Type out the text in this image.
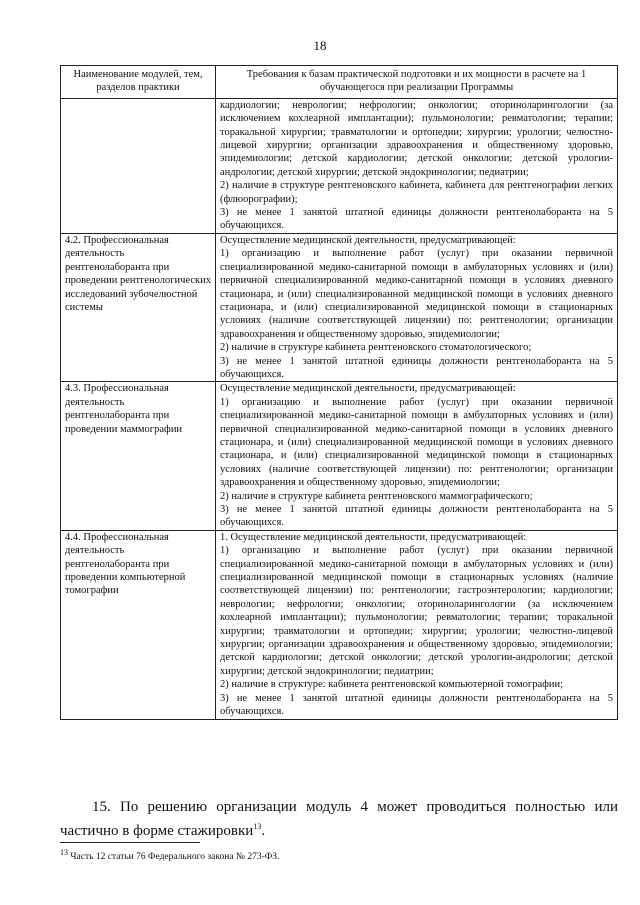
18
Наименование модулей, тем, разделов практики	Требования к базам практической подготовки и их мощности в расчете на 1 обучающегося при реализации Программы

	кардиологии; неврологии; нефрологии; онкологии; оториноларингологии (за исключением кохлеарной имплантации); пульмонологии; ревматологии; терапии; торакальной хирургии; травматологии и ортопедии; хирургии; урологии; челюстно-лицевой хирургии; организации здравоохранения и общественному здоровью, эпидемиологии; детской кардиологии; детской онкологии; детской урологии-андрологии; детской хирургии; детской эндокринологии; педиатрии;
2) наличие в структуре рентгеновского кабинета, кабинета для рентгенографии легких (флюорографии);
3) не менее 1 занятой штатной единицы должности рентгенолаборанта на 5 обучающихся.

4.2. Профессиональная деятельность рентгенолаборанта при проведении рентгенологических исследований зубочелюстной системы	Осуществление медицинской деятельности, предусматривающей:
1) организацию и выполнение работ (услуг) при оказании первичной специализированной медико-санитарной помощи в амбулаторных условиях и (или) первичной специализированной медико-санитарной помощи в условиях дневного стационара, и (или) специализированной медицинской помощи в условиях дневного стационара, и (или) специализированной медицинской помощи в стационарных условиях (наличие соответствующей лицензии) по: рентгенологии; организации здравоохранения и общественному здоровью, эпидемиологии;
2) наличие в структуре кабинета рентгеновского стоматологического;
3) не менее 1 занятой штатной единицы должности рентгенолаборанта на 5 обучающихся.

4.3. Профессиональная деятельность рентгенолаборанта при проведении маммографии	Осуществление медицинской деятельности, предусматривающей:
1) организацию и выполнение работ (услуг) при оказании первичной специализированной медико-санитарной помощи в амбулаторных условиях и (или) первичной специализированной медико-санитарной помощи в условиях дневного стационара, и (или) специализированной медицинской помощи в условиях дневного стационара, и (или) специализированной медицинской помощи в стационарных условиях (наличие соответствующей лицензии) по: рентгенологии; организации здравоохранения и общественному здоровью, эпидемиологии;
2) наличие в структуре кабинета рентгеновского маммографического;
3) не менее 1 занятой штатной единицы должности рентгенолаборанта на 5 обучающихся.

4.4. Профессиональная деятельность рентгенолаборанта при проведении компьютерной томографии	1. Осуществление медицинской деятельности, предусматривающей:
1) организацию и выполнение работ (услуг) при оказании первичной специализированной медико-санитарной помощи в амбулаторных условиях и (или) специализированной медицинской помощи в стационарных условиях (наличие соответствующей лицензии) по: рентгенологии; гастроэнтерологии; кардиологии; неврологии; нефрологии; онкологии; оториноларингологии (за исключением кохлеарной имплантации); пульмонологии; ревматологии; терапии; торакальной хирургии; травматологии и ортопедии; хирургии; урологии; челюстно-лицевой хирургии; организации здравоохранения и общественному здоровью, эпидемиологии; детской кардиологии; детской онкологии; детской урологии-андрологии; детской хирургии; детской эндокринологии; педиатрии;
2) наличие в структуре: кабинета рентгеновской компьютерной томографии;
3) не менее 1 занятой штатной единицы должности рентгенолаборанта на 5 обучающихся.
15. По решению организации модуль 4 может проводиться полностью или частично в форме стажировки$^{13}$.
$^{13}$ Часть 12 статьи 76 Федерального закона № 273-ФЗ.
